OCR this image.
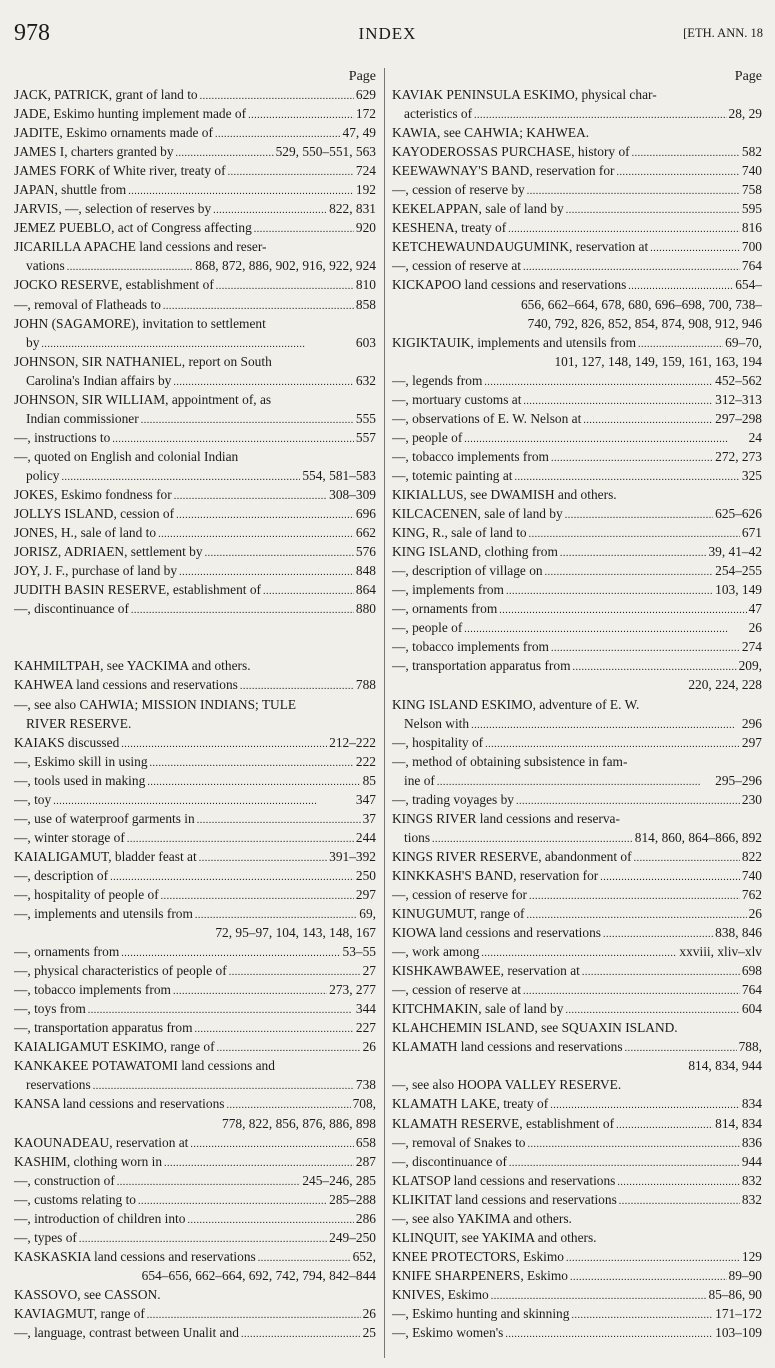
978	INDEX	[ETH. ANN. 18
Page
JACK, PATRICK, grant of land to . . .	629
JADE, Eskimo hunting implement made of . . .	172
JADITE, Eskimo ornaments made of . . .	47, 49
JAMES I, charters granted by . . .	529, 550–551, 563
JAMES FORK of White river, treaty of . . .	724
JAPAN, shuttle from . . .	192
JARVIS, —, selection of reserves by . . .	822, 831
JEMEZ PUEBLO, act of Congress affecting . . .	920
JICARILLA APACHE land cessions and reser-
vations . . .	868, 872, 886, 902, 916, 922, 924
JOCKO RESERVE, establishment of . . .	810
—, removal of Flatheads to . . .	858
JOHN (SAGAMORE), invitation to settlement
by . . .	603
JOHNSON, SIR NATHANIEL, report on South
Carolina's Indian affairs by . . .	632
JOHNSON, SIR WILLIAM, appointment of, as
Indian commissioner . . .	555
—, instructions to . . .	557
—, quoted on English and colonial Indian
policy . . .	554, 581–583
JOKES, Eskimo fondness for . . .	308–309
JOLLYS ISLAND, cession of . . .	696
JONES, H., sale of land to . . .	662
JORISZ, ADRIAEN, settlement by . . .	576
JOY, J. F., purchase of land by . . .	848
JUDITH BASIN RESERVE, establishment of . . .	864
—, discontinuance of . . .	880
KAHMILTPAH, see YACKIMA and others.
KAHWEA land cessions and reservations . . .	788
—, see also CAHWIA; MISSION INDIANS; TULE
RIVER RESERVE.
KAIAKS discussed . . .	212–222
—, Eskimo skill in using . . .	222
—, tools used in making . . .	85
—, toy . . .	347
—, use of waterproof garments in . . .	37
—, winter storage of . . .	244
KAIALIGAMUT, bladder feast at . . .	391–392
—, description of . . .	250
—, hospitality of people of . . .	297
—, implements and utensils from . . .	69,
72, 95–97, 104, 143, 148, 167
—, ornaments from . . .	53–55
—, physical characteristics of people of . . .	27
—, tobacco implements from . . .	273, 277
—, toys from . . .	344
—, transportation apparatus from . . .	227
KAIALIGAMUT ESKIMO, range of . . .	26
KANKAKEE POTAWATOMI land cessions and
reservations . . .	738
KANSA land cessions and reservations . . .	708,
778, 822, 856, 876, 886, 898
KAOUNADEAU, reservation at . . .	658
KASHIM, clothing worn in . . .	287
—, construction of . . .	245–246, 285
—, customs relating to . . .	285–288
—, introduction of children into . . .	286
—, types of . . .	249–250
KASKASKIA land cessions and reservations . . .	652,
654–656, 662–664, 692, 742, 794, 842–844
KASSOVO, see CASSON.
KAVIAGMUT, range of . . .	26
—, language, contrast between Unalit and . . .	25
Page
KAVIAK PENINSULA ESKIMO, physical char-
acteristics of . . .	28, 29
KAWIA, see CAHWIA; KAHWEA.
KAYODEROSSAS PURCHASE, history of . . .	582
KEEWAWNAY'S BAND, reservation for . . .	740
—, cession of reserve by . . .	758
KEKELAPPAN, sale of land by . . .	595
KESHENA, treaty of . . .	816
KETCHEWAUNDAUGUMINK, reservation at . . .	700
—, cession of reserve at . . .	764
KICKAPOO land cessions and reservations . . .	654–
656, 662–664, 678, 680, 696–698, 700, 738–
740, 792, 826, 852, 854, 874, 908, 912, 946
KIGIKTAUIK, implements and utensils from . . .	69–70,
101, 127, 148, 149, 159, 161, 163, 194
—, legends from . . .	452–562
—, mortuary customs at . . .	312–313
—, observations of E. W. Nelson at . . .	297–298
—, people of . . .	24
—, tobacco implements from . . .	272, 273
—, totemic painting at . . .	325
KIKIALLUS, see DWAMISH and others.
KILCACENEN, sale of land by . . .	625–626
KING, R., sale of land to . . .	671
KING ISLAND, clothing from . . .	39, 41–42
—, description of village on . . .	254–255
—, implements from . . .	103, 149
—, ornaments from . . .	47
—, people of . . .	26
—, tobacco implements from . . .	274
—, transportation apparatus from . . .	209,
220, 224, 228
KING ISLAND ESKIMO, adventure of E. W.
Nelson with . . .	296
—, hospitality of . . .	297
—, method of obtaining subsistence in fam-
ine of . . .	295–296
—, trading voyages by . . .	230
KINGS RIVER land cessions and reserva-
tions . . .	814, 860, 864–866, 892
KINGS RIVER RESERVE, abandonment of . . .	822
KINKKASH'S BAND, reservation for . . .	740
—, cession of reserve for . . .	762
KINUGUMUT, range of . . .	26
KIOWA land cessions and reservations . . .	838, 846
—, work among . . .	xxviii, xliv–xlv
KISHKAWBAWEE, reservation at . . .	698
—, cession of reserve at . . .	764
KITCHMAKIN, sale of land by . . .	604
KLAHCHEMIN ISLAND, see SQUAXIN ISLAND.
KLAMATH land cessions and reservations . . .	788,
814, 834, 944
—, see also HOOPA VALLEY RESERVE.
KLAMATH LAKE, treaty of . . .	834
KLAMATH RESERVE, establishment of . . .	814, 834
—, removal of Snakes to . . .	836
—, discontinuance of . . .	944
KLATSOP land cessions and reservations . . .	832
KLIKITAT land cessions and reservations . . .	832
—, see also YAKIMA and others.
KLINQUIT, see YAKIMA and others.
KNEE PROTECTORS, Eskimo . . .	129
KNIFE SHARPENERS, Eskimo . . .	89–90
KNIVES, Eskimo . . .	85–86, 90
—, Eskimo hunting and skinning . . .	171–172
—, Eskimo women's . . .	103–109
